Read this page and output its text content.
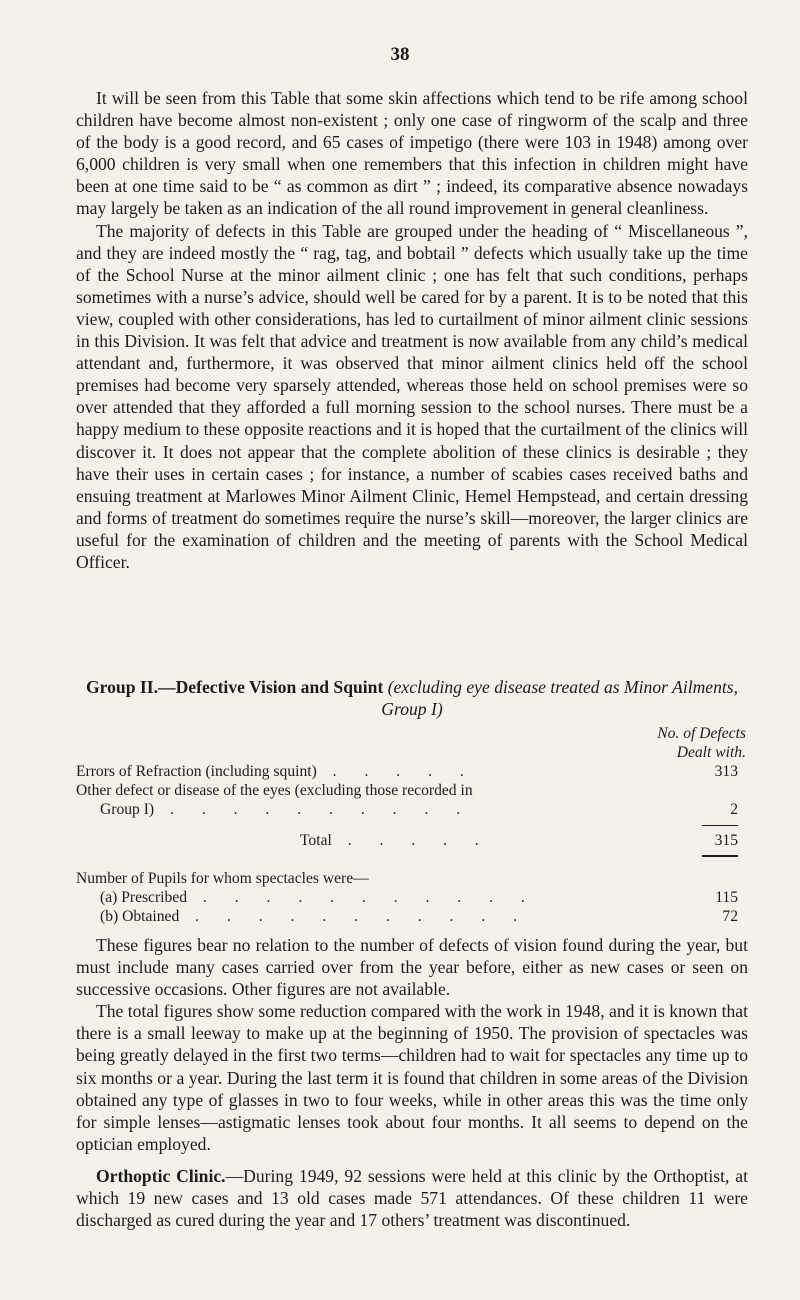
38

It will be seen from this Table that some skin affections which tend to be rife among school children have become almost non-existent ; only one case of ringworm of the scalp and three of the body is a good record, and 65 cases of impetigo (there were 103 in 1948) among over 6,000 children is very small when one remembers that this infection in children might have been at one time said to be “ as common as dirt ” ; indeed, its comparative absence nowadays may largely be taken as an indication of the all round improvement in general cleanliness.

The majority of defects in this Table are grouped under the heading of “ Miscellaneous ”, and they are indeed mostly the “ rag, tag, and bobtail ” defects which usually take up the time of the School Nurse at the minor ailment clinic ; one has felt that such conditions, perhaps sometimes with a nurse’s advice, should well be cared for by a parent. It is to be noted that this view, coupled with other considerations, has led to curtailment of minor ailment clinic sessions in this Division. It was felt that advice and treatment is now available from any child’s medical attendant and, furthermore, it was observed that minor ailment clinics held off the school premises had become very sparsely attended, whereas those held on school premises were so over attended that they afforded a full morning session to the school nurses. There must be a happy medium to these opposite reactions and it is hoped that the curtailment of the clinics will discover it. It does not appear that the complete abolition of these clinics is desirable ; they have their uses in certain cases ; for instance, a number of scabies cases received baths and ensuing treatment at Marlowes Minor Ailment Clinic, Hemel Hempstead, and certain dressing and forms of treatment do sometimes require the nurse’s skill—moreover, the larger clinics are useful for the examination of children and the meeting of parents with the School Medical Officer.

Group II.—Defective Vision and Squint (excluding eye disease treated as Minor Ailments, Group I)
No. of Defects
Dealt with.
Errors of Refraction (including squint) . . . . .	313
Other defect or disease of the eyes (excluding those recorded in
Group I) . . . . . . . . . .	2
Total . . . . .	315
Number of Pupils for whom spectacles were—
(a) Prescribed . . . . . . . . . . .	115
(b) Obtained . . . . . . . . . . .	72

These figures bear no relation to the number of defects of vision found during the year, but must include many cases carried over from the year before, either as new cases or seen on successive occasions. Other figures are not available.

The total figures show some reduction compared with the work in 1948, and it is known that there is a small leeway to make up at the beginning of 1950. The provision of spectacles was being greatly delayed in the first two terms—children had to wait for spectacles any time up to six months or a year. During the last term it is found that children in some areas of the Division obtained any type of glasses in two to four weeks, while in other areas this was the time only for simple lenses—astigmatic lenses took about four months. It all seems to depend on the optician employed.

Orthoptic Clinic.—During 1949, 92 sessions were held at this clinic by the Orthoptist, at which 19 new cases and 13 old cases made 571 attendances. Of these children 11 were discharged as cured during the year and 17 others’ treatment was discontinued.
